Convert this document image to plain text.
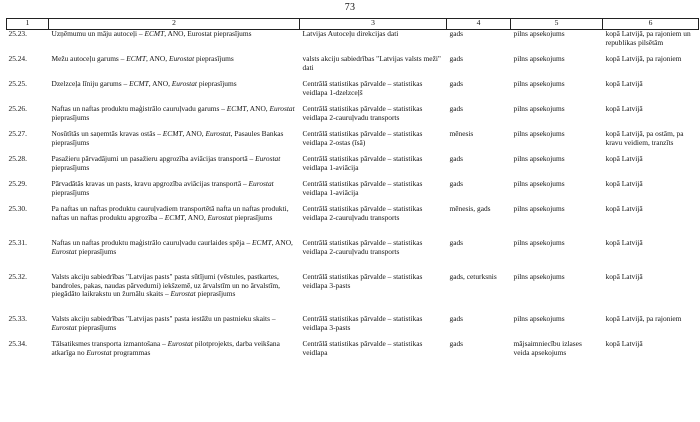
73
1	2	3	4	5	6
25.23.	Uzņēmumu un māju autoceļi – ECMT, ANO, Eurostat pieprasījums	Latvijas Autoceļu direkcijas dati	gads	pilns apsekojums	kopā Latvijā, pa rajoniem un republikas pilsētām
25.24.	Mežu autoceļu garums – ECMT, ANO, Eurostat pieprasījums	valsts akciju sabiedrības "Latvijas valsts meži" dati	gads	pilns apsekojums	kopā Latvijā, pa rajoniem
25.25.	Dzelzceļa līniju garums – ECMT, ANO, Eurostat pieprasījums	Centrālā statistikas pārvalde – statistikas veidlapa 1-dzelzceļš	gads	pilns apsekojums	kopā Latvijā
25.26.	Naftas un naftas produktu maģistrālo cauruļvadu garums – ECMT, ANO, Eurostat pieprasījums	Centrālā statistikas pārvalde – statistikas veidlapa 2-cauruļvadu transports	gads	pilns apsekojums	kopā Latvijā
25.27.	Nosūtītās un saņemtās kravas ostās – ECMT, ANO, Eurostat, Pasaules Bankas pieprasījums	Centrālā statistikas pārvalde – statistikas veidlapa 2-ostas (īsā)	mēnesis	pilns apsekojums	kopā Latvijā, pa ostām, pa kravu veidiem, tranzīts
25.28.	Pasažieru pārvadājumi un pasažieru apgrozība aviācijas transportā – Eurostat pieprasījums	Centrālā statistikas pārvalde – statistikas veidlapa 1-aviācija	gads	pilns apsekojums	kopā Latvijā
25.29.	Pārvadātās kravas un pasts, kravu apgrozība aviācijas transportā – Eurostat pieprasījums	Centrālā statistikas pārvalde – statistikas veidlapa 1-aviācija	gads	pilns apsekojums	kopā Latvijā
25.30.	Pa naftas un naftas produktu cauruļvadiem transportētā nafta un naftas produkti, naftas un naftas produktu apgrozība – ECMT, ANO, Eurostat pieprasījums	Centrālā statistikas pārvalde – statistikas veidlapa 2-cauruļvadu transports	mēnesis, gads	pilns apsekojums	kopā Latvijā
25.31.	Naftas un naftas produktu maģistrālo cauruļvadu caurlaides spēja – ECMT, ANO, Eurostat pieprasījums	Centrālā statistikas pārvalde – statistikas veidlapa 2-cauruļvadu transports	gads	pilns apsekojums	kopā Latvijā
25.32.	Valsts akciju sabiedrības "Latvijas pasts" pasta sūtījumi (vēstules, pastkartes, bandroles, pakas, naudas pārvedumi) iekšzemē, uz ārvalstīm un no ārvalstīm, piegādāto laikrakstu un žurnālu skaits – Eurostat pieprasījums	Centrālā statistikas pārvalde – statistikas veidlapa 3-pasts	gads, ceturksnis	pilns apsekojums	kopā Latvijā
25.33.	Valsts akciju sabiedrības "Latvijas pasts" pasta iestāžu un pastnieku skaits – Eurostat pieprasījums	Centrālā statistikas pārvalde – statistikas veidlapa 3-pasts	gads	pilns apsekojums	kopā Latvijā, pa rajoniem
25.34.	Tālsatiksmes transporta izmantošana – Eurostat pilotprojekts, darba veikšana atkarīga no Eurostat programmas	Centrālā statistikas pārvalde – statistikas veidlapa	gads	mājsaimniecību izlases veida apsekojums	kopā Latvijā
